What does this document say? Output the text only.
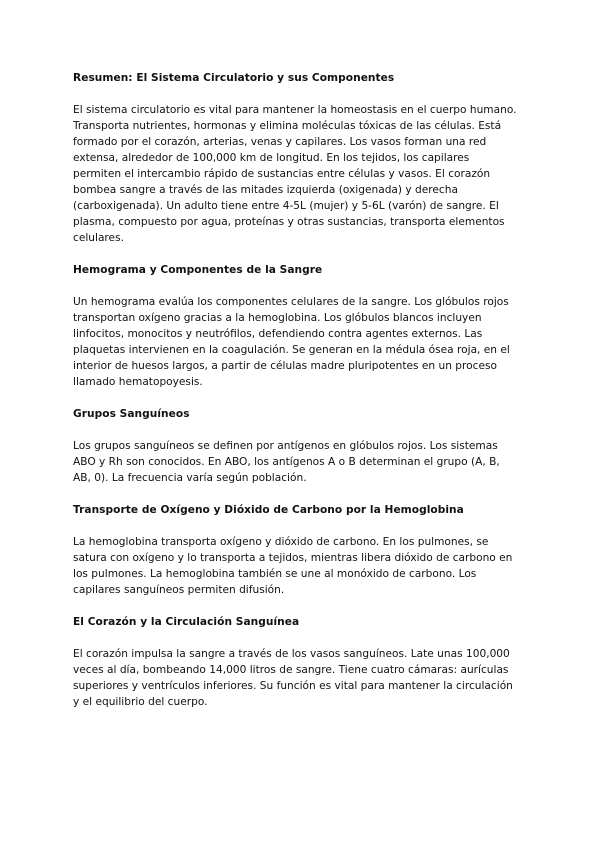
Resumen: El Sistema Circulatorio y sus Componentes

El sistema circulatorio es vital para mantener la homeostasis en el cuerpo humano.
Transporta nutrientes, hormonas y elimina moléculas tóxicas de las células. Está
formado por el corazón, arterias, venas y capilares. Los vasos forman una red
extensa, alrededor de 100,000 km de longitud. En los tejidos, los capilares
permiten el intercambio rápido de sustancias entre células y vasos. El corazón
bombea sangre a través de las mitades izquierda (oxigenada) y derecha
(carboxigenada). Un adulto tiene entre 4-5L (mujer) y 5-6L (varón) de sangre. El
plasma, compuesto por agua, proteínas y otras sustancias, transporta elementos
celulares.

Hemograma y Componentes de la Sangre

Un hemograma evalúa los componentes celulares de la sangre. Los glóbulos rojos
transportan oxígeno gracias a la hemoglobina. Los glóbulos blancos incluyen
linfocitos, monocitos y neutrófilos, defendiendo contra agentes externos. Las
plaquetas intervienen en la coagulación. Se generan en la médula ósea roja, en el
interior de huesos largos, a partir de células madre pluripotentes en un proceso
llamado hematopoyesis.

Grupos Sanguíneos

Los grupos sanguíneos se definen por antígenos en glóbulos rojos. Los sistemas
ABO y Rh son conocidos. En ABO, los antígenos A o B determinan el grupo (A, B,
AB, 0). La frecuencia varía según población.

Transporte de Oxígeno y Dióxido de Carbono por la Hemoglobina

La hemoglobina transporta oxígeno y dióxido de carbono. En los pulmones, se
satura con oxígeno y lo transporta a tejidos, mientras libera dióxido de carbono en
los pulmones. La hemoglobina también se une al monóxido de carbono. Los
capilares sanguíneos permiten difusión.

El Corazón y la Circulación Sanguínea

El corazón impulsa la sangre a través de los vasos sanguíneos. Late unas 100,000
veces al día, bombeando 14,000 litros de sangre. Tiene cuatro cámaras: aurículas
superiores y ventrículos inferiores. Su función es vital para mantener la circulación
y el equilibrio del cuerpo.
